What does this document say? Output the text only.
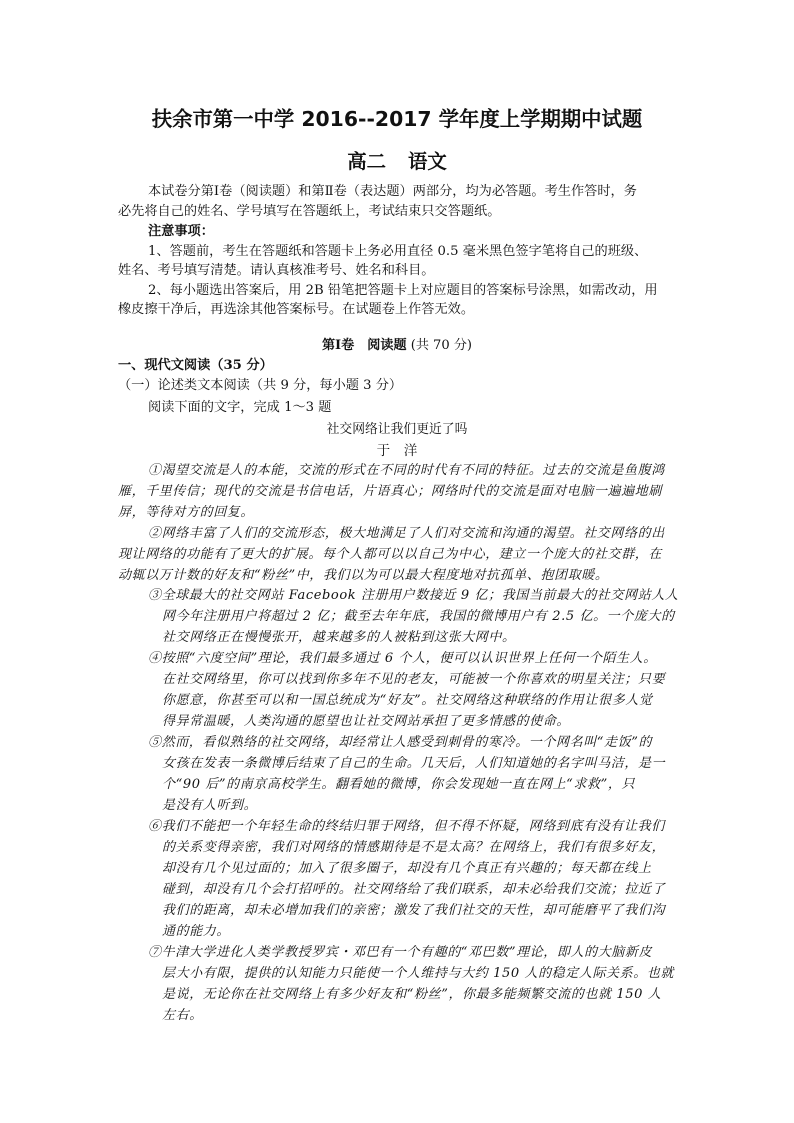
扶余市第一中学 2016--2017 学年度上学期期中试题
高二 语文
本试卷分第Ⅰ卷（阅读题）和第Ⅱ卷（表达题）两部分，均为必答题。考生作答时，务
必先将自己的姓名、学号填写在答题纸上，考试结束只交答题纸。
注意事项：
1、答题前，考生在答题纸和答题卡上务必用直径 0.5 毫米黑色签字笔将自己的班级、
姓名、考号填写清楚。请认真核准考号、姓名和科目。
2、每小题选出答案后，用 2B 铅笔把答题卡上对应题目的答案标号涂黑，如需改动，用
橡皮擦干净后，再选涂其他答案标号。在试题卷上作答无效。
第Ⅰ卷　阅读题 (共 70 分)
一、现代文阅读（35 分）
（一）论述类文本阅读（共 9 分，每小题 3 分）
阅读下面的文字，完成 1～3 题
社交网络让我们更近了吗
于　洋
①渴望交流是人的本能，交流的形式在不同的时代有不同的特征。过去的交流是鱼腹鸿
雁，千里传信；现代的交流是书信电话，片语真心；网络时代的交流是面对电脑一遍遍地刷
屏，等待对方的回复。
②网络丰富了人们的交流形态，极大地满足了人们对交流和沟通的渴望。社交网络的出
现让网络的功能有了更大的扩展。每个人都可以以自己为中心，建立一个庞大的社交群，在
动辄以万计数的好友和“粉丝”中，我们以为可以最大程度地对抗孤单、抱团取暖。
③全球最大的社交网站 Facebook 注册用户数接近 9 亿；我国当前最大的社交网站人人
网今年注册用户将超过 2 亿；截至去年年底，我国的微博用户有 2.5 亿。一个庞大的
社交网络正在慢慢张开，越来越多的人被粘到这张大网中。
④按照“六度空间”理论，我们最多通过 6 个人，便可以认识世界上任何一个陌生人。
在社交网络里，你可以找到你多年不见的老友，可能被一个你喜欢的明星关注；只要
你愿意，你甚至可以和一国总统成为“好友”。社交网络这种联络的作用让很多人觉
得异常温暖，人类沟通的愿望也让社交网站承担了更多情感的使命。
⑤然而，看似熟络的社交网络，却经常让人感受到刺骨的寒冷。一个网名叫“走饭”的
女孩在发表一条微博后结束了自己的生命。几天后，人们知道她的名字叫马洁，是一
个“90 后”的南京高校学生。翻看她的微博，你会发现她一直在网上“求救”，只
是没有人听到。
⑥我们不能把一个年轻生命的终结归罪于网络，但不得不怀疑，网络到底有没有让我们
的关系变得亲密，我们对网络的情感期待是不是太高？在网络上，我们有很多好友，
却没有几个见过面的；加入了很多圈子，却没有几个真正有兴趣的；每天都在线上
碰到，却没有几个会打招呼的。社交网络给了我们联系，却未必给我们交流；拉近了
我们的距离，却未必增加我们的亲密；激发了我们社交的天性，却可能磨平了我们沟
通的能力。
⑦牛津大学进化人类学教授罗宾・邓巴有一个有趣的“邓巴数”理论，即人的大脑新皮
层大小有限，提供的认知能力只能使一个人维持与大约 150 人的稳定人际关系。也就
是说，无论你在社交网络上有多少好友和“粉丝”，你最多能频繁交流的也就 150 人
左右。
